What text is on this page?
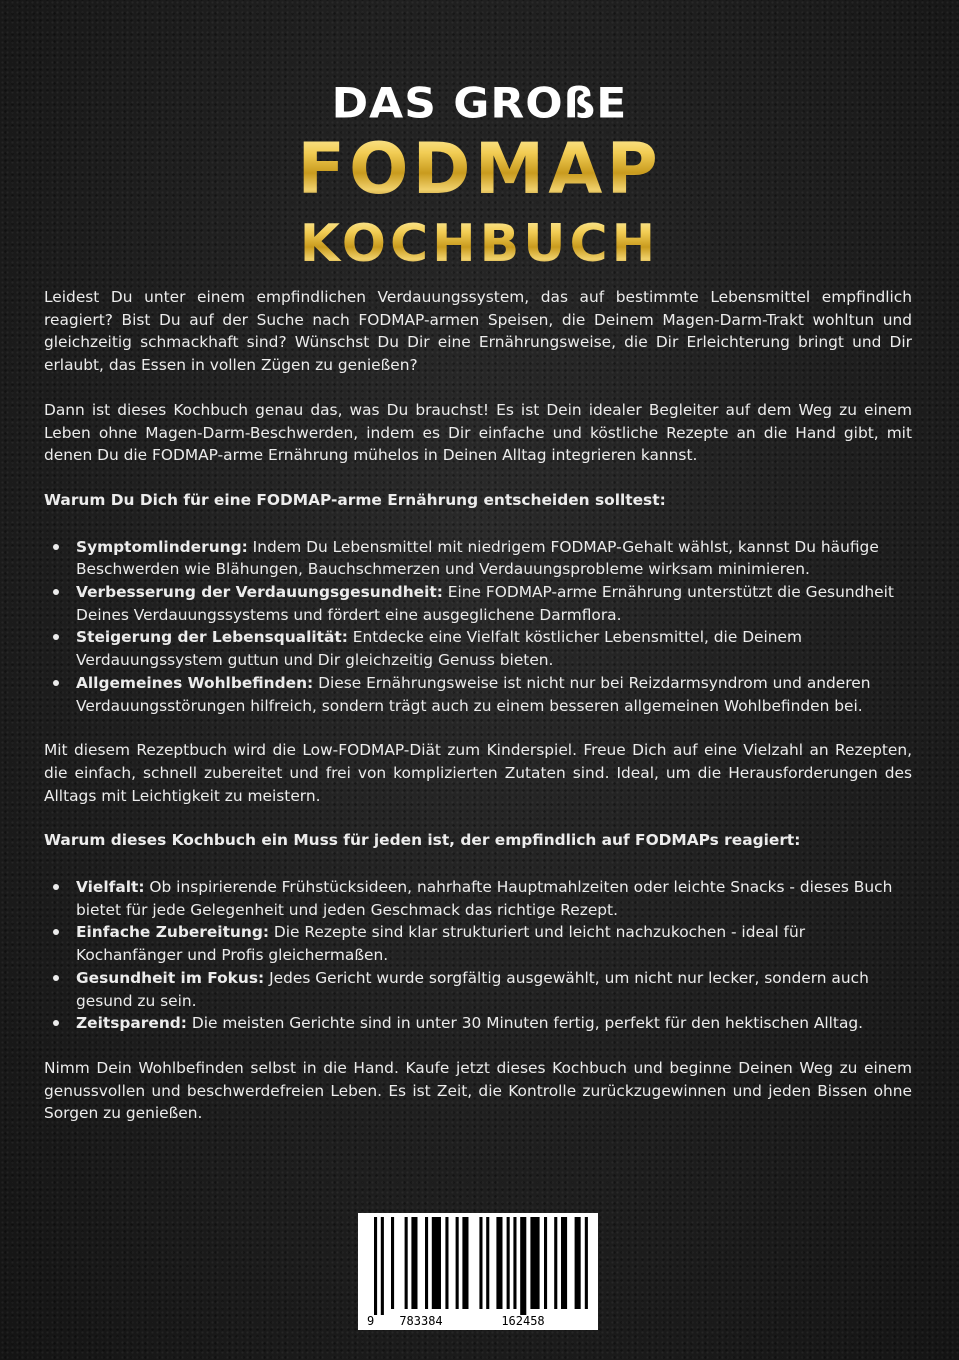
DAS GROßE
FODMAP
KOCHBUCH

Leidest Du unter einem empfindlichen Verdauungssystem, das auf bestimmte Lebensmittel empfindlich reagiert? Bist Du auf der Suche nach FODMAP-armen Speisen, die Deinem Magen-Darm-Trakt wohltun und gleichzeitig schmackhaft sind? Wünschst Du Dir eine Ernährungsweise, die Dir Erleichterung bringt und Dir erlaubt, das Essen in vollen Zügen zu genießen?

Dann ist dieses Kochbuch genau das, was Du brauchst! Es ist Dein idealer Begleiter auf dem Weg zu einem Leben ohne Magen-Darm-Beschwerden, indem es Dir einfache und köstliche Rezepte an die Hand gibt, mit denen Du die FODMAP-arme Ernährung mühelos in Deinen Alltag integrieren kannst.

Warum Du Dich für eine FODMAP-arme Ernährung entscheiden solltest:

Symptomlinderung: Indem Du Lebensmittel mit niedrigem FODMAP-Gehalt wählst, kannst Du häufige Beschwerden wie Blähungen, Bauchschmerzen und Verdauungsprobleme wirksam minimieren.
Verbesserung der Verdauungsgesundheit: Eine FODMAP-arme Ernährung unterstützt die Gesundheit Deines Verdauungssystems und fördert eine ausgeglichene Darmflora.
Steigerung der Lebensqualität: Entdecke eine Vielfalt köstlicher Lebensmittel, die Deinem Verdauungssystem guttun und Dir gleichzeitig Genuss bieten.
Allgemeines Wohlbefinden: Diese Ernährungsweise ist nicht nur bei Reizdarmsyndrom und anderen Verdauungsstörungen hilfreich, sondern trägt auch zu einem besseren allgemeinen Wohlbefinden bei.

Mit diesem Rezeptbuch wird die Low-FODMAP-Diät zum Kinderspiel. Freue Dich auf eine Vielzahl an Rezepten, die einfach, schnell zubereitet und frei von komplizierten Zutaten sind. Ideal, um die Herausforderungen des Alltags mit Leichtigkeit zu meistern.

Warum dieses Kochbuch ein Muss für jeden ist, der empfindlich auf FODMAPs reagiert:

Vielfalt: Ob inspirierende Frühstücksideen, nahrhafte Hauptmahlzeiten oder leichte Snacks - dieses Buch bietet für jede Gelegenheit und jeden Geschmack das richtige Rezept.
Einfache Zubereitung: Die Rezepte sind klar strukturiert und leicht nachzukochen - ideal für Kochanfänger und Profis gleichermaßen.
Gesundheit im Fokus: Jedes Gericht wurde sorgfältig ausgewählt, um nicht nur lecker, sondern auch gesund zu sein.
Zeitsparend: Die meisten Gerichte sind in unter 30 Minuten fertig, perfekt für den hektischen Alltag.

Nimm Dein Wohlbefinden selbst in die Hand. Kaufe jetzt dieses Kochbuch und beginne Deinen Weg zu einem genussvollen und beschwerdefreien Leben. Es ist Zeit, die Kontrolle zurückzugewinnen und jeden Bissen ohne Sorgen zu genießen.

9 783384	162458
